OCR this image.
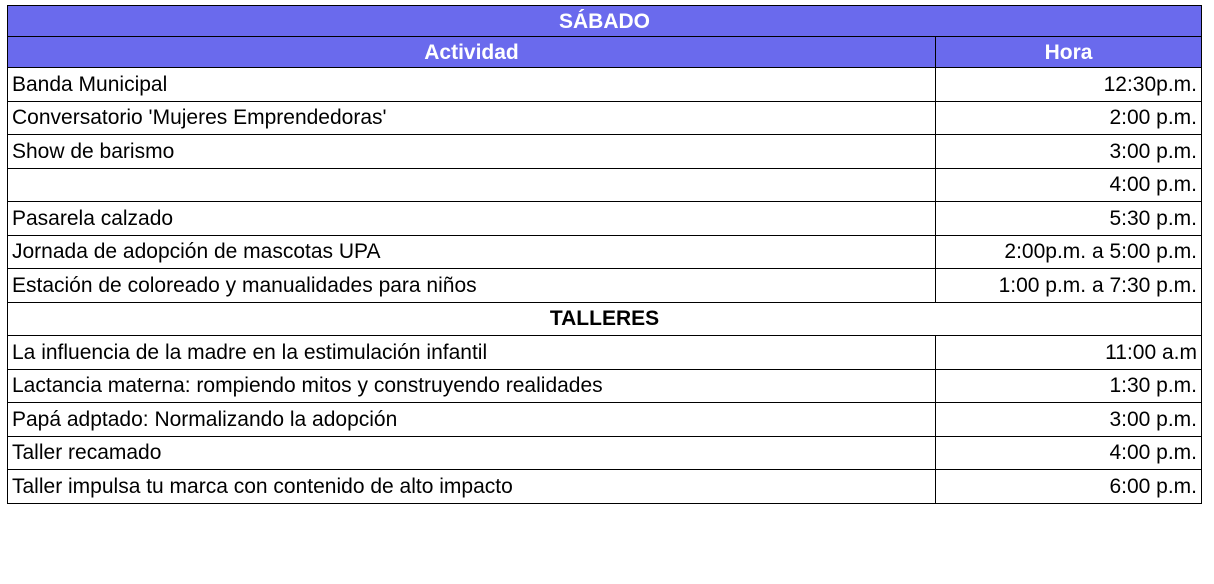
SÁBADO	
Actividad	Hora
Banda Municipal	12:30p.m.
Conversatorio 'Mujeres Emprendedoras'	2:00 p.m.
Show de barismo	3:00 p.m.
	4:00 p.m.
Pasarela calzado	5:30 p.m.
Jornada de adopción de mascotas UPA	2:00p.m. a 5:00 p.m.
Estación de coloreado y manualidades para niños	1:00 p.m. a 7:30 p.m.
TALLERES	
La influencia de la madre en la estimulación infantil	11:00 a.m
Lactancia materna: rompiendo mitos y construyendo realidades	1:30 p.m.
Papá adptado: Normalizando la adopción	3:00 p.m.
Taller recamado	4:00 p.m.
Taller impulsa tu marca con contenido de alto impacto	6:00 p.m.
